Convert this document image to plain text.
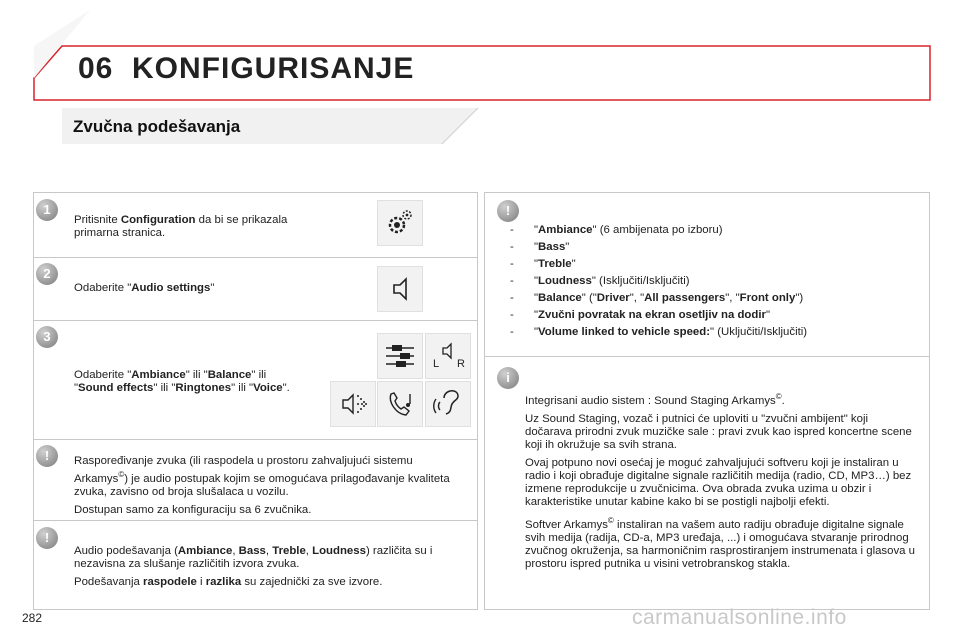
06 KONFIGURISANJE
Zvučna podešavanja
1
Pritisnite Configuration da bi se prikazala primarna stranica.
2
Odaberite "Audio settings"
3
Odaberite "Ambiance" ili "Balance" ili
"Sound effects" ili "Ringtones" ili "Voice".
L R
!	Raspoređivanje zvuka (ili raspodela u prostoru zahvaljujući sistemu Arkamys©) je audio postupak kojim se omogućava prilagođavanje kvaliteta zvuka, zavisno od broja slušalaca u vozilu.

Dostupan samo za konfiguraciju sa 6 zvučnika.

!

Audio podešavanja (Ambiance, Bass, Treble, Loudness) različita su i nezavisna za slušanje različitih izvora zvuka.

Podešavanja raspodele i razlika su zajednički za sve izvore.

!
- "Ambiance" (6 ambijenata po izboru)
- "Bass"
- "Treble"
- "Loudness" (Isključiti/Isključiti)
- "Balance" ("Driver", "All passengers", "Front only")
- "Zvučni povratak na ekran osetljiv na dodir"
- "Volume linked to vehicle speed:" (Uključiti/Isključiti)
i

Integrisani audio sistem : Sound Staging Arkamys©.

Uz Sound Staging, vozač i putnici će uploviti u "zvučni ambijent" koji dočarava prirodni zvuk muzičke sale : pravi zvuk kao ispred koncertne scene koji ih okružuje sa svih strana.

Ovaj potpuno novi osećaj je moguć zahvaljujući softveru koji je instaliran u radio i koji obrađuje digitalne signale različitih medija (radio, CD, MP3…) bez izmene reprodukcije u zvučnicima. Ova obrada zvuka uzima u obzir i karakteristike unutar kabine kako bi se postigli najbolji efekti.

Softver Arkamys© instaliran na vašem auto radiju obrađuje digitalne signale svih medija (radija, CD-a, MP3 uređaja, ...) i omogućava stvaranje prirodnog zvučnog okruženja, sa harmoničnim rasprostiranjem instrumenata i glasova u prostoru ispred putnika u visini vetrobranskog stakla.

282	carmanualsonline.info
